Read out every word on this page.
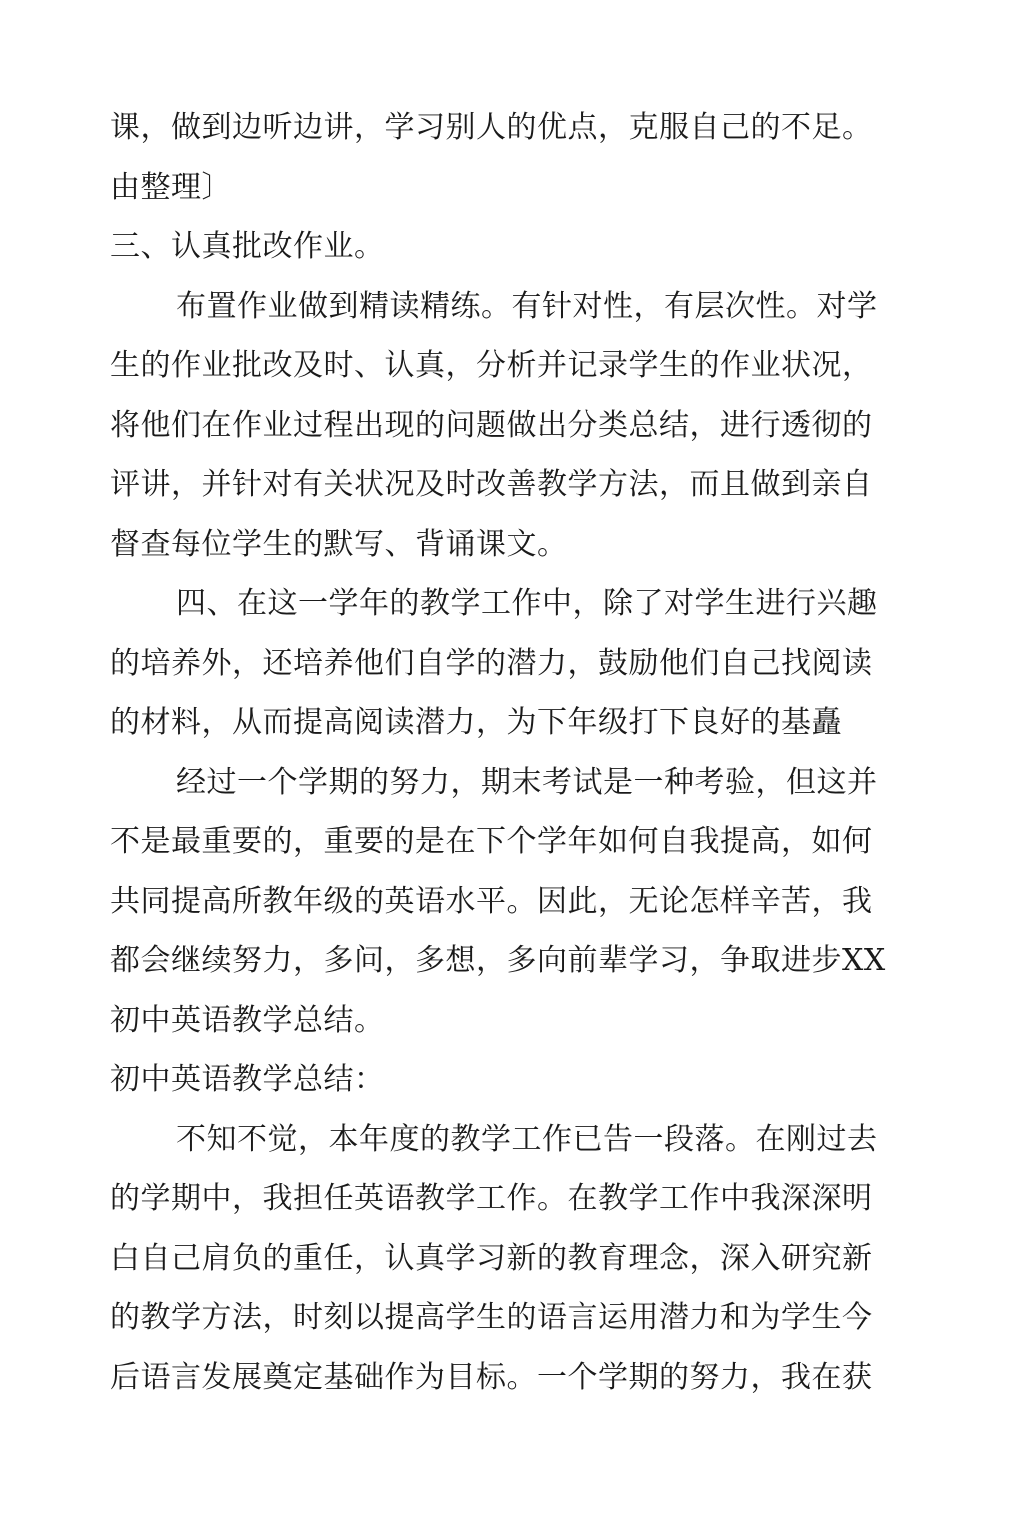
课，做到边听边讲，学习别人的优点，克服自己的不足。
由整理〕
三、认真批改作业。
布置作业做到精读精练。有针对性，有层次性。对学
生的作业批改及时、认真，分析并记录学生的作业状况，
将他们在作业过程出现的问题做出分类总结，进行透彻的
评讲，并针对有关状况及时改善教学方法，而且做到亲自
督查每位学生的默写、背诵课文。
四、在这一学年的教学工作中，除了对学生进行兴趣
的培养外，还培养他们自学的潜力，鼓励他们自己找阅读
的材料，从而提高阅读潜力，为下年级打下良好的基矗
经过一个学期的努力，期末考试是一种考验，但这并
不是最重要的，重要的是在下个学年如何自我提高，如何
共同提高所教年级的英语水平。因此，无论怎样辛苦，我
都会继续努力，多问，多想，多向前辈学习，争取进步XX
初中英语教学总结。
初中英语教学总结：
不知不觉，本年度的教学工作已告一段落。在刚过去
的学期中，我担任英语教学工作。在教学工作中我深深明
白自己肩负的重任，认真学习新的教育理念，深入研究新
的教学方法，时刻以提高学生的语言运用潜力和为学生今
后语言发展奠定基础作为目标。一个学期的努力，我在获
